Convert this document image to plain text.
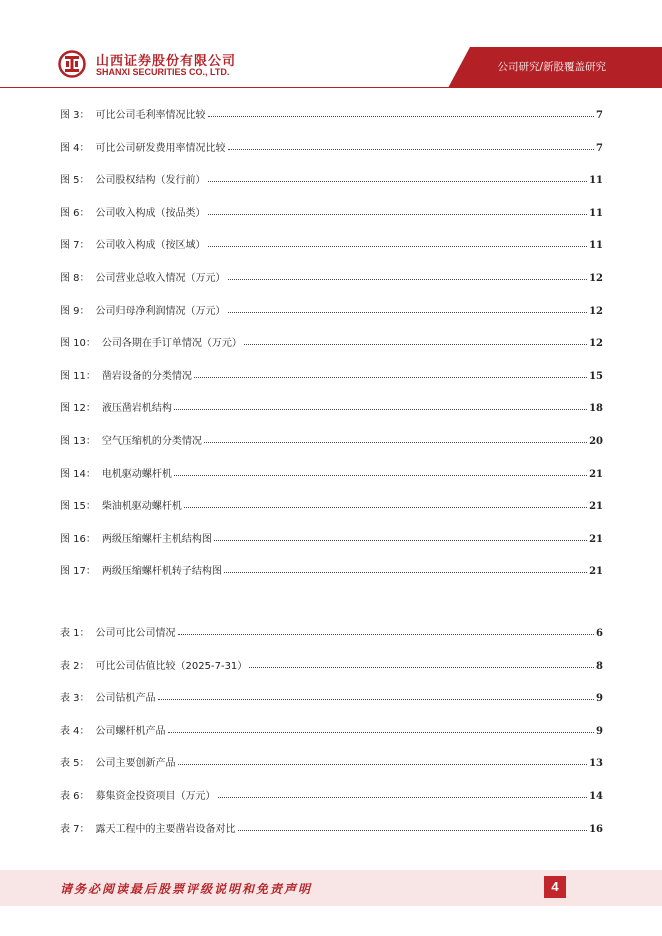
山西证券股份有限公司
SHANXI SECURITIES CO., LTD.	公司研究/新股覆盖研究
图 3： 可比公司毛利率情况比较	7
图 4： 可比公司研发费用率情况比较	7
图 5： 公司股权结构（发行前）	11
图 6： 公司收入构成（按品类）	11
图 7： 公司收入构成（按区域）	11
图 8： 公司营业总收入情况（万元）	12
图 9： 公司归母净利润情况（万元）	12
图 10： 公司各期在手订单情况（万元）	12
图 11： 凿岩设备的分类情况	15
图 12： 液压凿岩机结构	18
图 13： 空气压缩机的分类情况	20
图 14： 电机驱动螺杆机	21
图 15： 柴油机驱动螺杆机	21
图 16： 两级压缩螺杆主机结构图	21
图 17： 两级压缩螺杆机转子结构图	21
表 1： 公司可比公司情况	6
表 2： 可比公司估值比较（2025-7-31）	8
表 3： 公司钻机产品	9
表 4： 公司螺杆机产品	9
表 5： 公司主要创新产品	13
表 6： 募集资金投资项目（万元）	14
表 7： 露天工程中的主要凿岩设备对比	16
请务必阅读最后股票评级说明和免责声明	4
